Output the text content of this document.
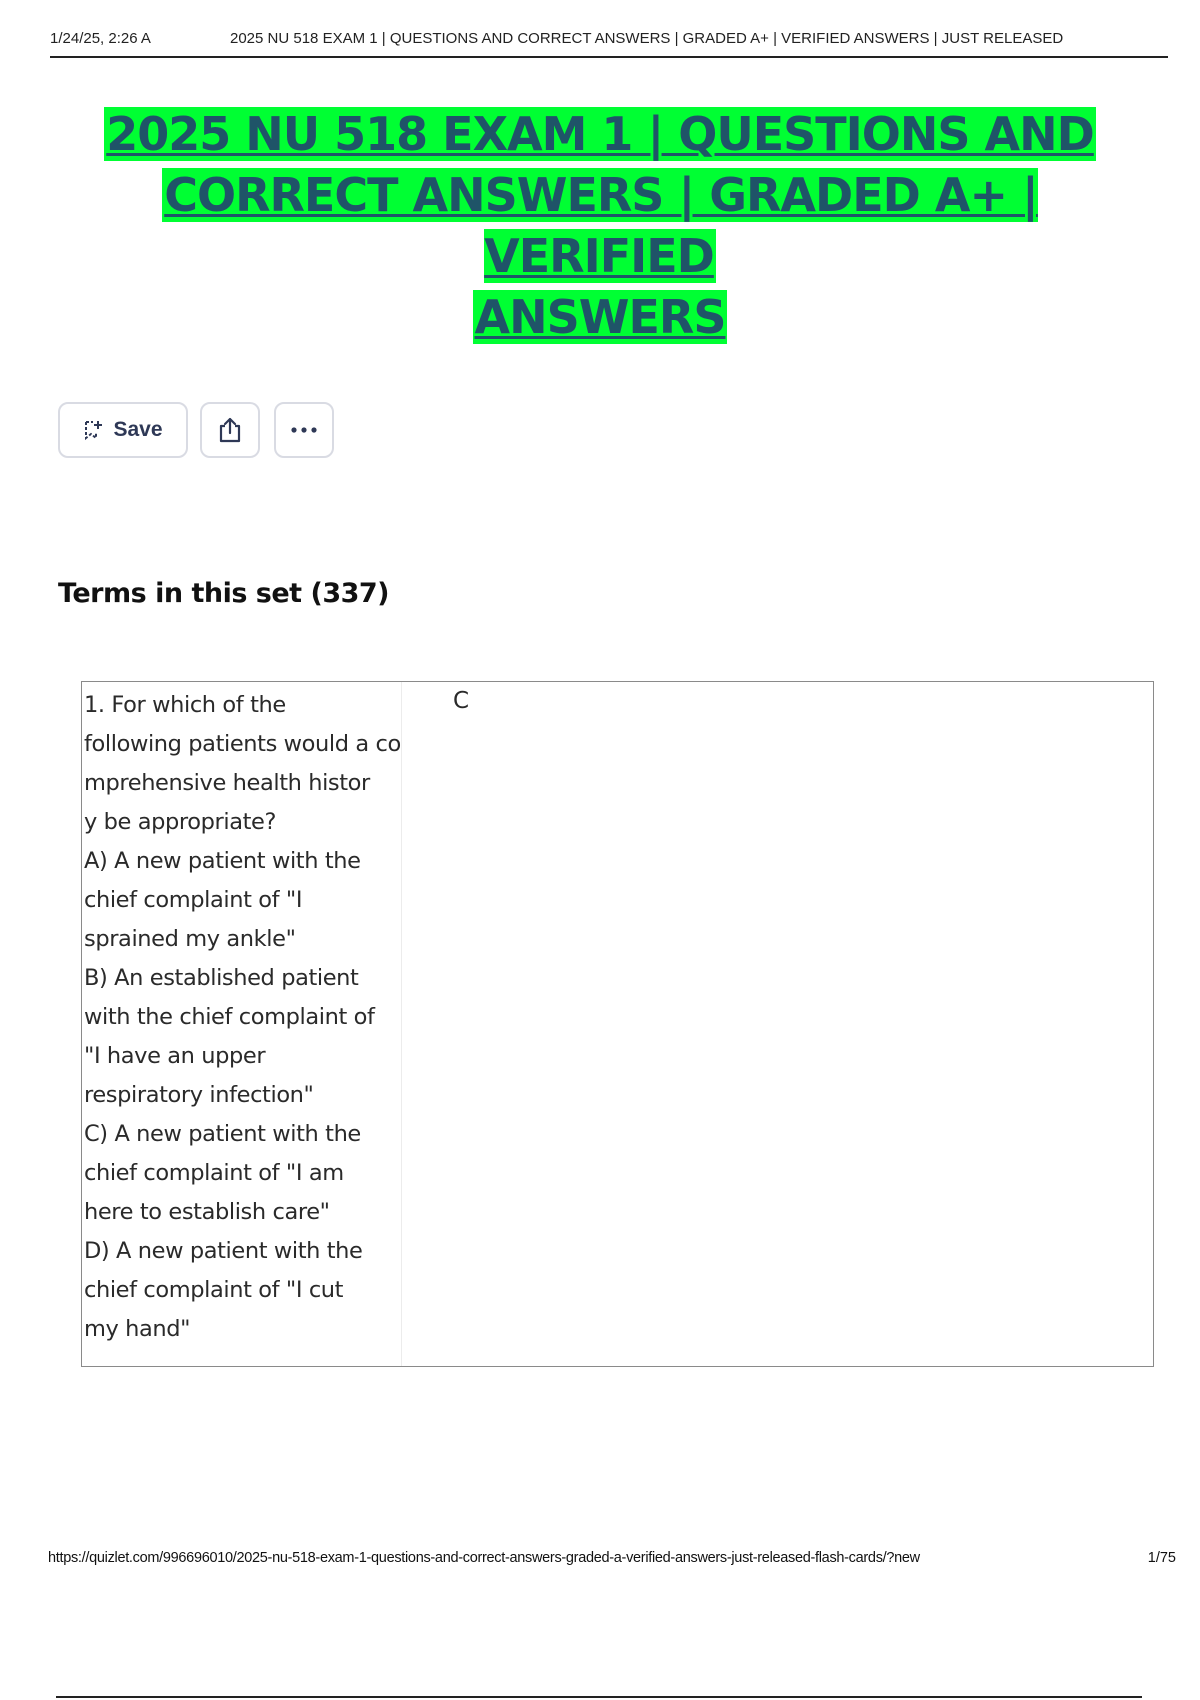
1/24/25, 2:26 A	2025 NU 518 EXAM 1 | QUESTIONS AND CORRECT ANSWERS | GRADED A+ | VERIFIED ANSWERS | JUST RELEASED
2025 NU 518 EXAM 1 | QUESTIONS AND
CORRECT ANSWERS | GRADED A+ | VERIFIED
ANSWERS
Save
Terms in this set (337)
1. For which of the
following patients would a co
mprehensive health histor
y be appropriate?
A) A new patient with the
chief complaint of "I
sprained my ankle"
B) An established patient
with the chief complaint of
"I have an upper
respiratory infection"
C) A new patient with the
chief complaint of "I am
here to establish care"
D) A new patient with the
chief complaint of "I cut
my hand"
C
https://quizlet.com/996696010/2025-nu-518-exam-1-questions-and-correct-answers-graded-a-verified-answers-just-released-flash-cards/?new	1/75
